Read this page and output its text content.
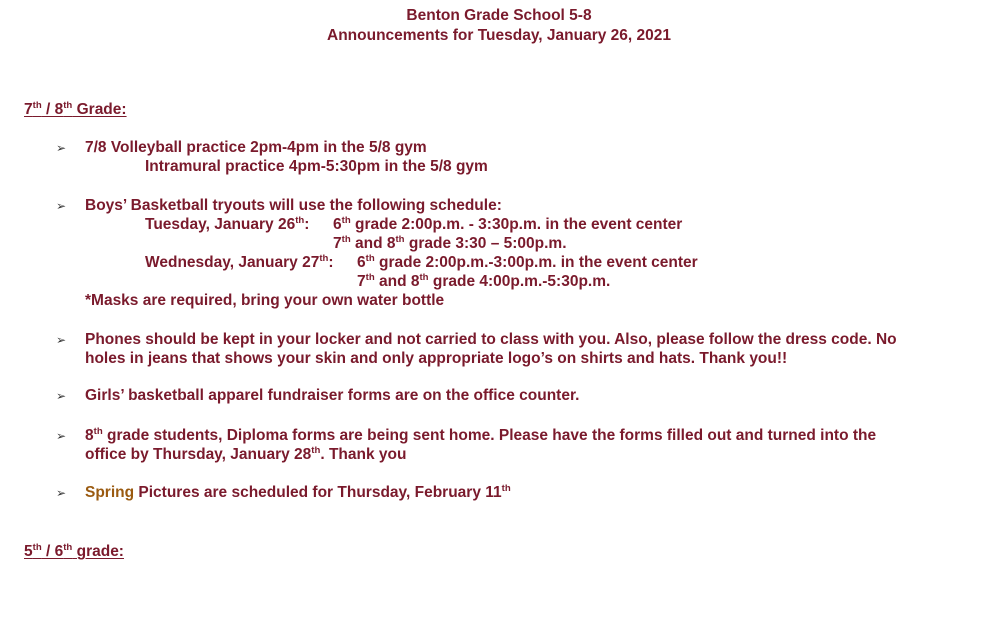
Benton Grade School 5-8
Announcements for Tuesday, January 26, 2021
7th / 8th Grade:
➢ 7/8 Volleyball practice 2pm-4pm in the 5/8 gym
Intramural practice 4pm-5:30pm in the 5/8 gym
➢ Boys’ Basketball tryouts will use the following schedule:
Tuesday, January 26th: 6th grade 2:00p.m. - 3:30p.m. in the event center
7th and 8th grade 3:30 – 5:00p.m.
Wednesday, January 27th: 6th grade 2:00p.m.-3:00p.m. in the event center
7th and 8th grade 4:00p.m.-5:30p.m.
*Masks are required, bring your own water bottle
➢ Phones should be kept in your locker and not carried to class with you. Also, please follow the dress code. No
holes in jeans that shows your skin and only appropriate logo’s on shirts and hats. Thank you!!
➢ Girls’ basketball apparel fundraiser forms are on the office counter.
➢ 8th grade students, Diploma forms are being sent home. Please have the forms filled out and turned into the
office by Thursday, January 28th. Thank you
➢ Spring Pictures are scheduled for Thursday, February 11th
5th / 6th grade:
